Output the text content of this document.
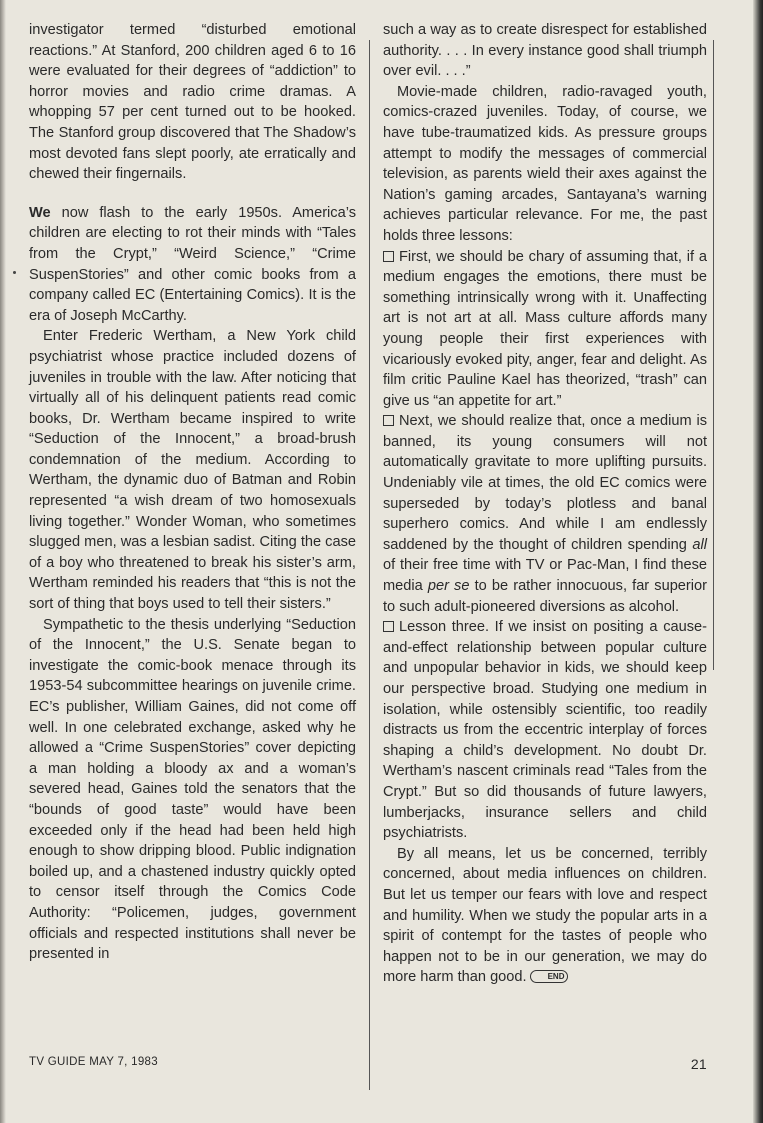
investigator termed “disturbed emotional reactions.” At Stanford, 200 children aged 6 to 16 were evaluated for their degrees of “addiction” to horror movies and radio crime dramas. A whopping 57 per cent turned out to be hooked. The Stanford group discovered that The Shadow’s most devoted fans slept poorly, ate erratically and chewed their fingernails.

We now flash to the early 1950s. America’s children are electing to rot their minds with “Tales from the Crypt,” “Weird Science,” “Crime SuspenStories” and other comic books from a company called EC (Entertaining Comics). It is the era of Joseph McCarthy.

Enter Frederic Wertham, a New York child psychiatrist whose practice included dozens of juveniles in trouble with the law. After noticing that virtually all of his delinquent patients read comic books, Dr. Wertham became inspired to write “Seduction of the Innocent,” a broad-brush condemnation of the medium. According to Wertham, the dynamic duo of Batman and Robin represented “a wish dream of two homosexuals living together.” Wonder Woman, who sometimes slugged men, was a lesbian sadist. Citing the case of a boy who threatened to break his sister’s arm, Wertham reminded his readers that “this is not the sort of thing that boys used to tell their sisters.”

Sympathetic to the thesis underlying “Seduction of the Innocent,” the U.S. Senate began to investigate the comic-book menace through its 1953-54 subcommittee hearings on juvenile crime. EC’s publisher, William Gaines, did not come off well. In one celebrated exchange, asked why he allowed a “Crime SuspenStories” cover depicting a man holding a bloody ax and a woman’s severed head, Gaines told the senators that the “bounds of good taste” would have been exceeded only if the head had been held high enough to show dripping blood. Public indignation boiled up, and a chastened industry quickly opted to censor itself through the Comics Code Authority: “Policemen, judges, government officials and respected institutions shall never be presented in

such a way as to create disrespect for established authority. . . . In every instance good shall triumph over evil. . . .”

Movie-made children, radio-ravaged youth, comics-crazed juveniles. Today, of course, we have tube-traumatized kids. As pressure groups attempt to modify the messages of commercial television, as parents wield their axes against the Nation’s gaming arcades, Santayana’s warning achieves particular relevance. For me, the past holds three lessons:

First, we should be chary of assuming that, if a medium engages the emotions, there must be something intrinsically wrong with it. Unaffecting art is not art at all. Mass culture affords many young people their first experiences with vicariously evoked pity, anger, fear and delight. As film critic Pauline Kael has theorized, “trash” can give us “an appetite for art.”

Next, we should realize that, once a medium is banned, its young consumers will not automatically gravitate to more uplifting pursuits. Undeniably vile at times, the old EC comics were superseded by today’s plotless and banal superhero comics. And while I am endlessly saddened by the thought of children spending all of their free time with TV or Pac-Man, I find these media per se to be rather innocuous, far superior to such adult-pioneered diversions as alcohol.

Lesson three. If we insist on positing a cause-and-effect relationship between popular culture and unpopular behavior in kids, we should keep our perspective broad. Studying one medium in isolation, while ostensibly scientific, too readily distracts us from the eccentric interplay of forces shaping a child’s development. No doubt Dr. Wertham’s nascent criminals read “Tales from the Crypt.” But so did thousands of future lawyers, lumberjacks, insurance sellers and child psychiatrists.

By all means, let us be concerned, terribly concerned, about media influences on children. But let us temper our fears with love and respect and humility. When we study the popular arts in a spirit of contempt for the tastes of people who happen not to be in our generation, we may do more harm than good.	END

TV GUIDE MAY 7, 1983	21
